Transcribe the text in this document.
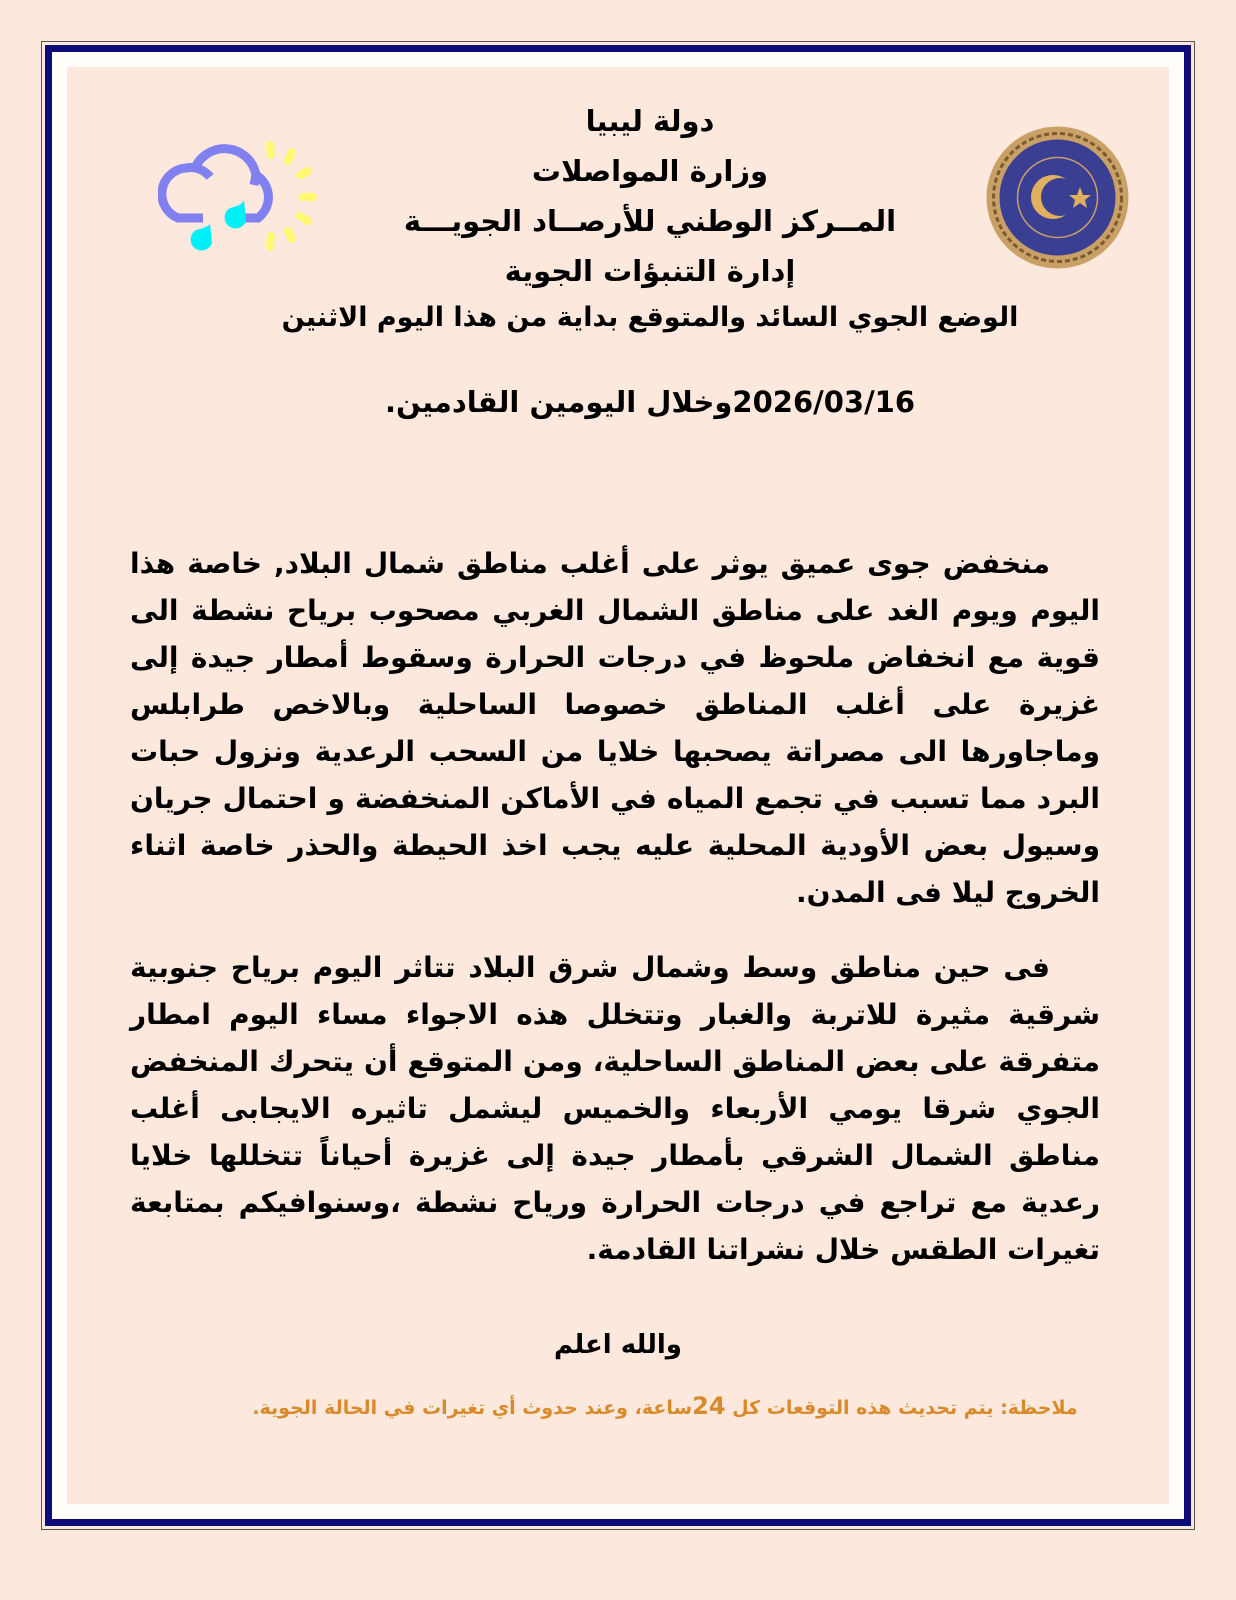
دولة ليبيا
وزارة المواصلات
المــركز الوطني للأرصــاد الجويـــة
إدارة التنبؤات الجوية
الوضع الجوي السائد والمتوقع بداية من هذا اليوم الاثنين
2026/03/16وخلال اليومين القادمين.
منخفض جوى عميق يوثر على أغلب مناطق شمال البلاد, خاصة هذا اليوم ويوم الغد على مناطق الشمال الغربي مصحوب برياح نشطة الى قوية مع انخفاض ملحوظ في درجات الحرارة وسقوط أمطار جيدة إلى غزيرة على أغلب المناطق خصوصا الساحلية وبالاخص طرابلس وماجاورها الى مصراتة يصحبها خلايا من السحب الرعدية ونزول حبات البرد مما تسبب في تجمع المياه في الأماكن المنخفضة و احتمال جريان وسيول بعض الأودية المحلية عليه يجب اخذ الحيطة والحذر خاصة اثناء الخروج ليلا فى المدن.
فى حين مناطق وسط وشمال شرق البلاد تتاثر اليوم برياح جنوبية شرقية مثيرة للاتربة والغبار وتتخلل هذه الاجواء مساء اليوم امطار متفرقة على بعض المناطق الساحلية، ومن المتوقع أن يتحرك المنخفض الجوي شرقا يومي الأربعاء والخميس ليشمل تاثيره الايجابى أغلب مناطق الشمال الشرقي بأمطار جيدة إلى غزيرة أحياناً تتخللها خلايا رعدية مع تراجع في درجات الحرارة ورياح نشطة ،وسنوافيكم بمتابعة تغيرات الطقس خلال نشراتنا القادمة.
والله اعلم
ملاحظة: يتم تحديث هذه التوقعات كل 24ساعة، وعند حدوث أي تغيرات في الحالة الجوية.
